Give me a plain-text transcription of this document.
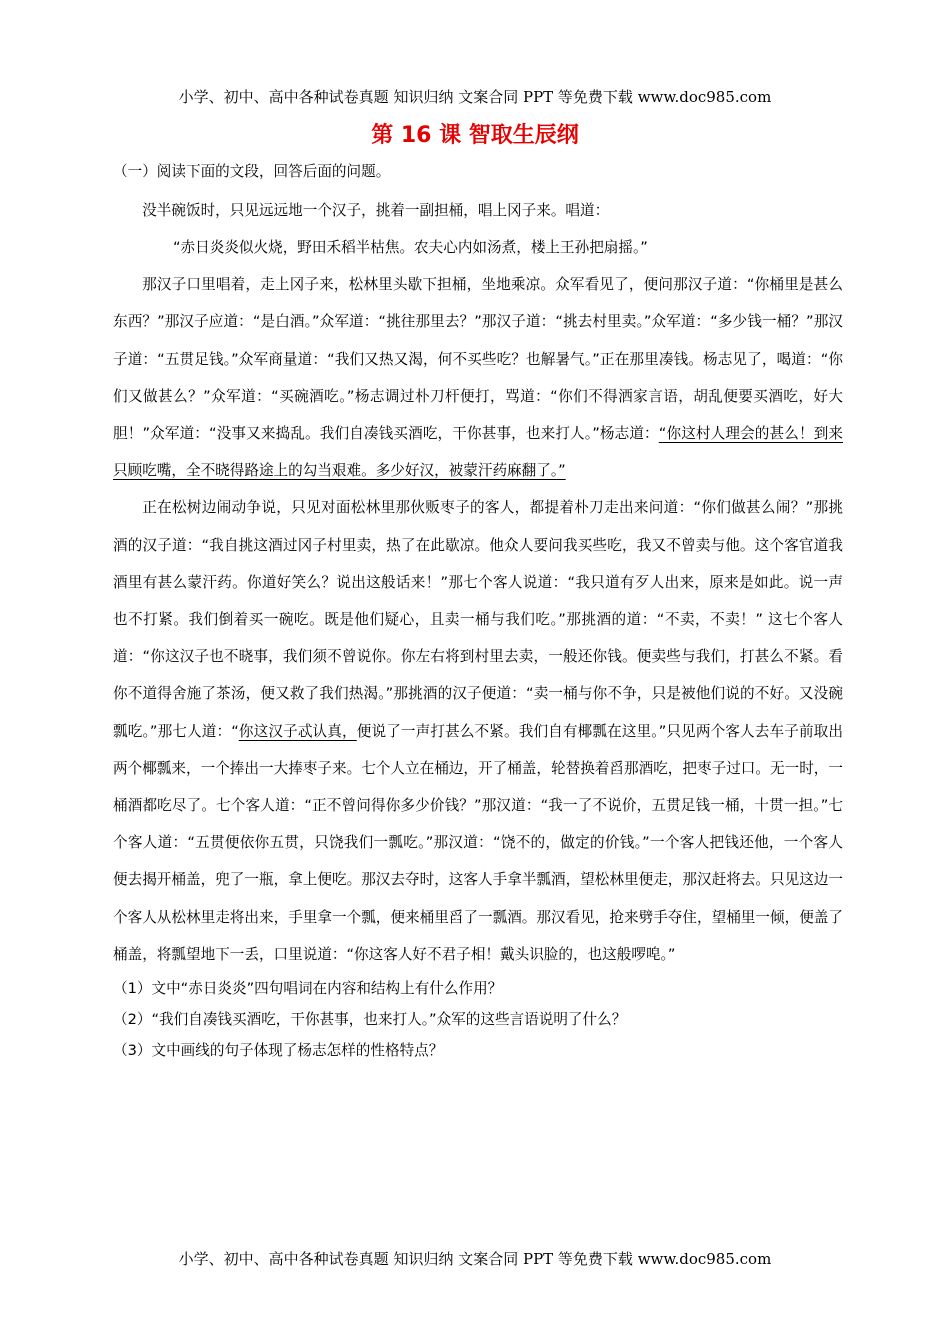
小学、初中、高中各种试卷真题 知识归纳 文案合同 PPT 等免费下载 www.doc985.com
第 16 课 智取生辰纲

（一）阅读下面的文段，回答后面的问题。

没半碗饭时，只见远远地一个汉子，挑着一副担桶，唱上冈子来。唱道：

“赤日炎炎似火烧，野田禾稻半枯焦。农夫心内如汤煮，楼上王孙把扇摇。”

那汉子口里唱着，走上冈子来，松林里头歇下担桶，坐地乘凉。众军看见了，便问那汉子道：“你桶里是甚么东西？”那汉子应道：“是白酒。”众军道：“挑往那里去？”那汉子道：“挑去村里卖。”众军道：“多少钱一桶？”那汉子道：“五贯足钱。”众军商量道：“我们又热又渴，何不买些吃？也解暑气。”正在那里凑钱。杨志见了，喝道：“你们又做甚么？”众军道：“买碗酒吃。”杨志调过朴刀杆便打，骂道：“你们不得洒家言语，胡乱便要买酒吃，好大胆！”众军道：“没事又来捣乱。我们自凑钱买酒吃，干你甚事，也来打人。”杨志道：“你这村人理会的甚么！到来只顾吃嘴，全不晓得路途上的勾当艰难。多少好汉，被蒙汗药麻翻了。”

正在松树边闹动争说，只见对面松林里那伙贩枣子的客人，都提着朴刀走出来问道：“你们做甚么闹？”那挑酒的汉子道：“我自挑这酒过冈子村里卖，热了在此歇凉。他众人要问我买些吃，我又不曾卖与他。这个客官道我酒里有甚么蒙汗药。你道好笑么？说出这般话来！”那七个客人说道：“我只道有歹人出来，原来是如此。说一声也不打紧。我们倒着买一碗吃。既是他们疑心，且卖一桶与我们吃。”那挑酒的道：“不卖，不卖！” 这七个客人道：“你这汉子也不晓事，我们须不曾说你。你左右将到村里去卖，一般还你钱。便卖些与我们，打甚么不紧。看你不道得舍施了茶汤，便又救了我们热渴。”那挑酒的汉子便道：“卖一桶与你不争，只是被他们说的不好。又没碗瓢吃。”那七人道：“你这汉子忒认真，便说了一声打甚么不紧。我们自有椰瓢在这里。”只见两个客人去车子前取出两个椰瓢来，一个捧出一大捧枣子来。七个人立在桶边，开了桶盖，轮替换着舀那酒吃，把枣子过口。无一时，一桶酒都吃尽了。七个客人道：“正不曾问得你多少价钱？”那汉道：“我一了不说价，五贯足钱一桶，十贯一担。”七个客人道：“五贯便依你五贯，只饶我们一瓢吃。”那汉道：“饶不的，做定的价钱。”一个客人把钱还他，一个客人便去揭开桶盖，兜了一瓶，拿上便吃。那汉去夺时，这客人手拿半瓢酒，望松林里便走，那汉赶将去。只见这边一个客人从松林里走将出来，手里拿一个瓢，便来桶里舀了一瓢酒。那汉看见，抢来劈手夺住，望桶里一倾，便盖了桶盖，将瓢望地下一丢，口里说道：“你这客人好不君子相！戴头识脸的，也这般啰唣。”

（1）文中“赤日炎炎”四句唱词在内容和结构上有什么作用？

（2）“我们自凑钱买酒吃，干你甚事，也来打人。”众军的这些言语说明了什么？

（3）文中画线的句子体现了杨志怎样的性格特点？

小学、初中、高中各种试卷真题 知识归纳 文案合同 PPT 等免费下载 www.doc985.com
